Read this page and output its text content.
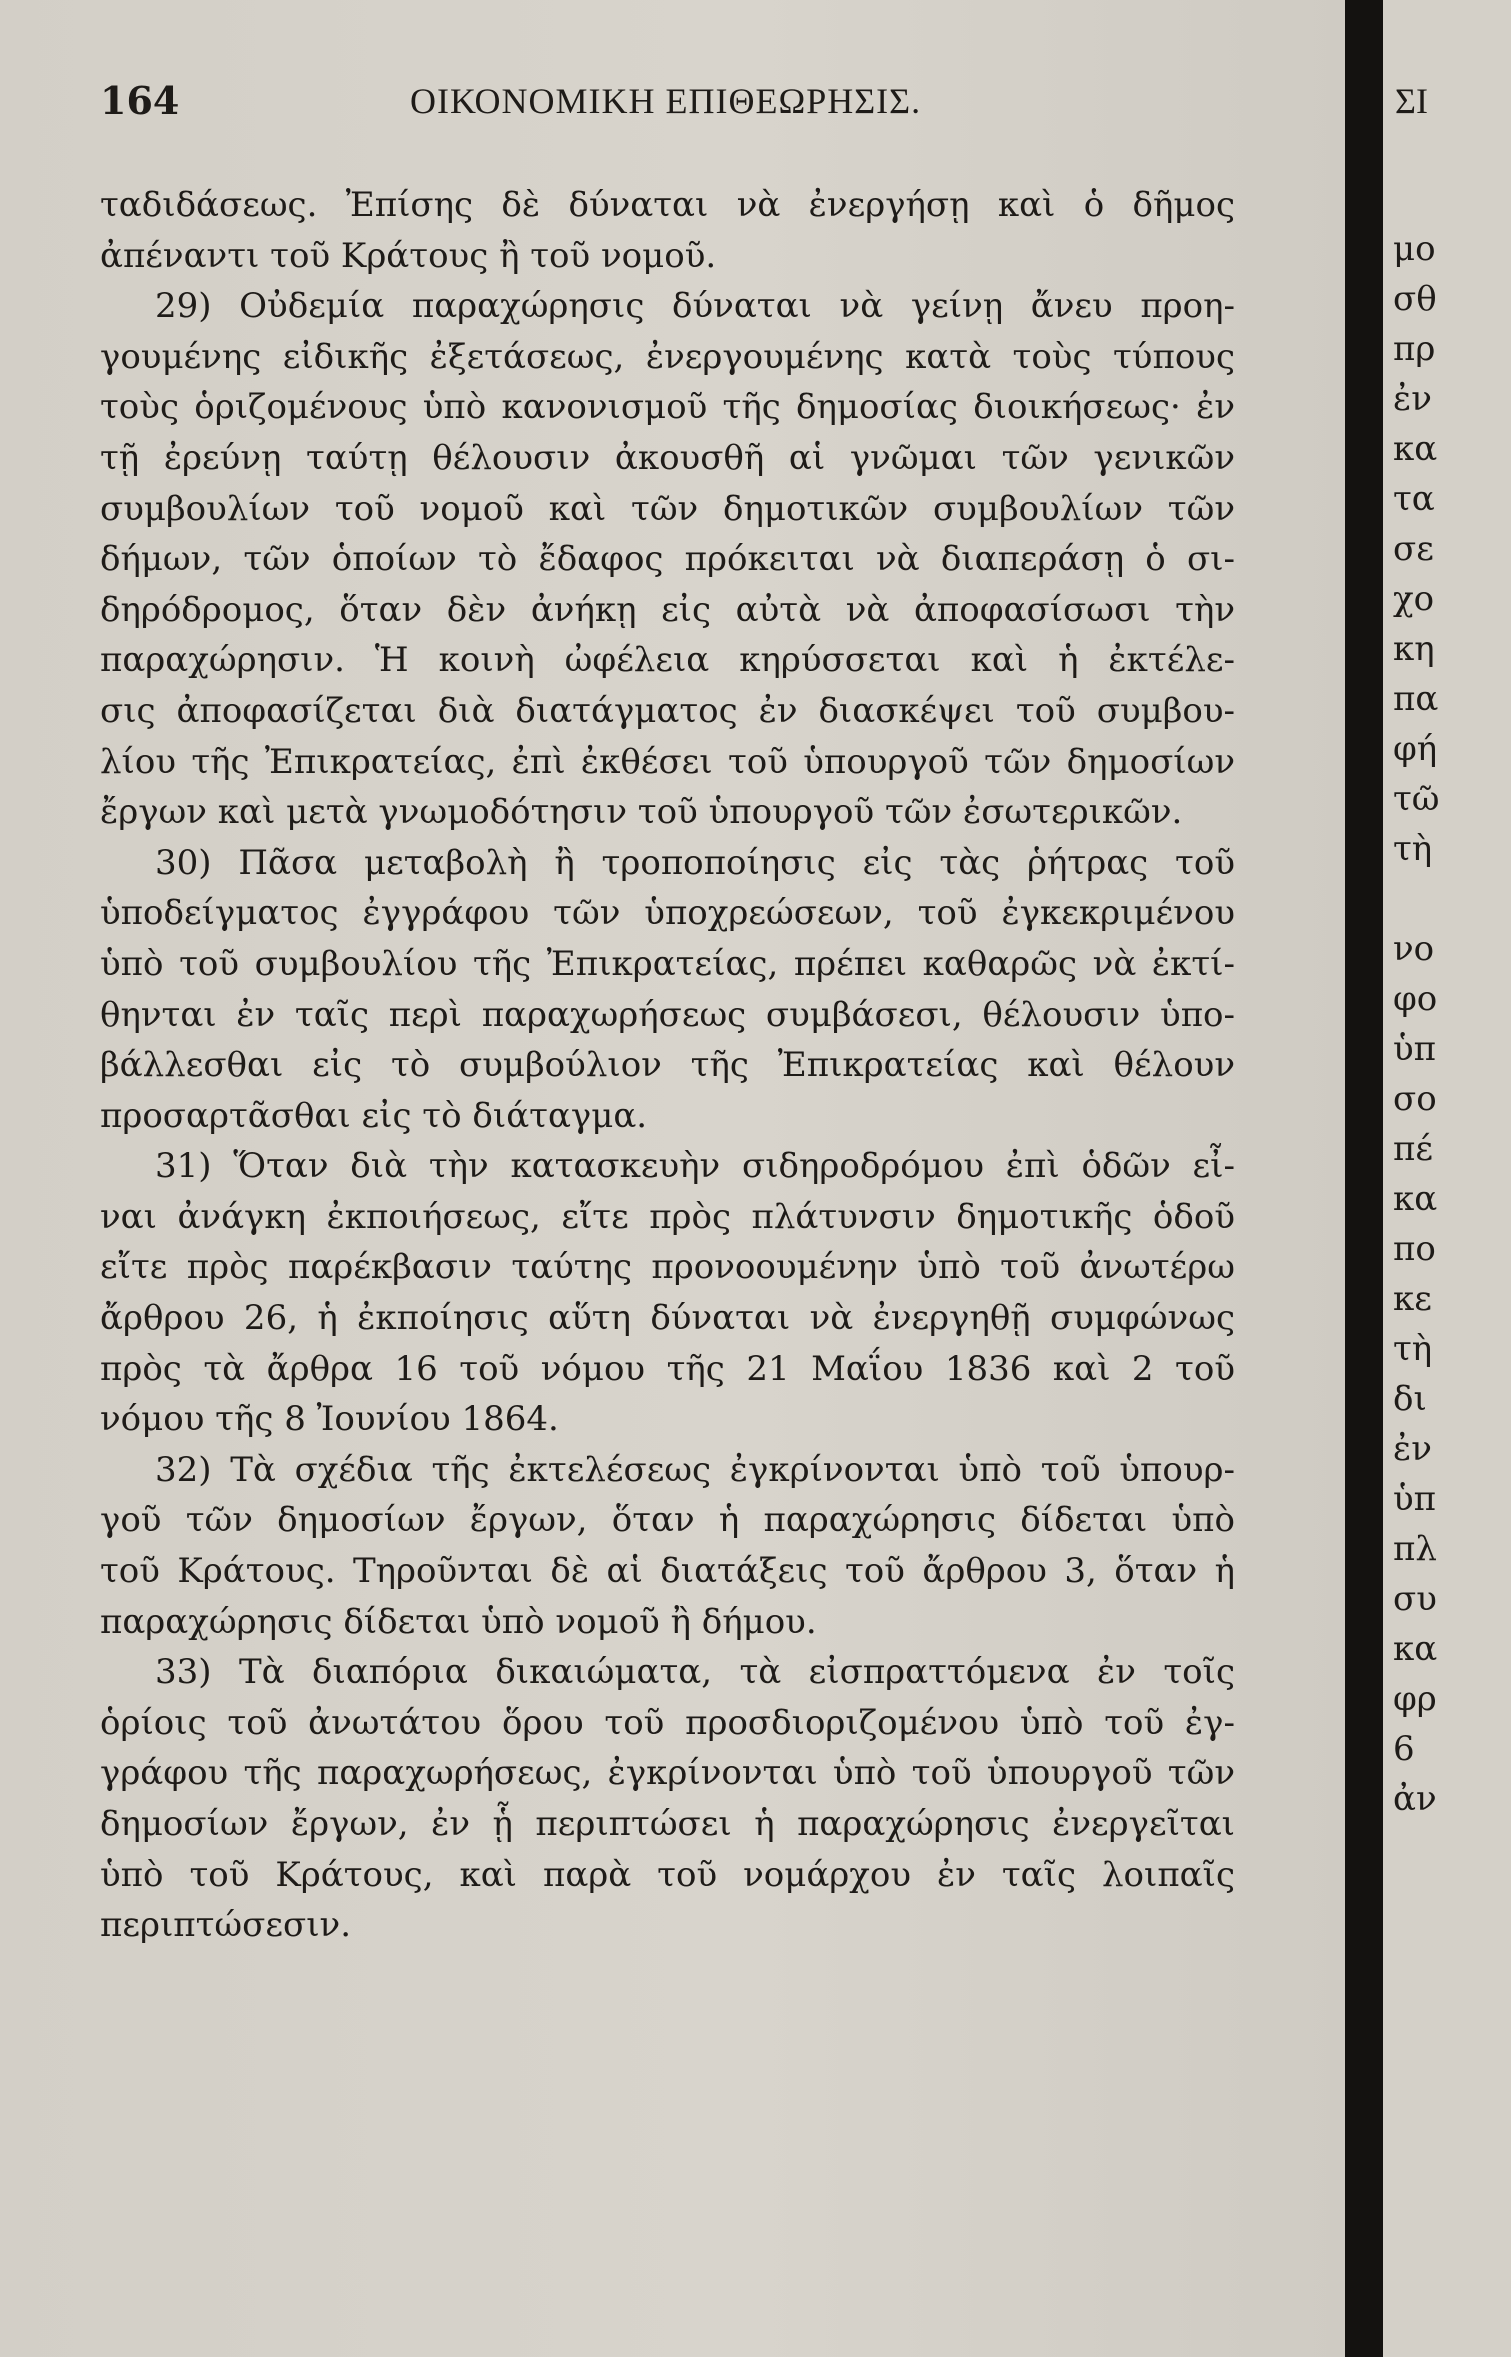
164	ΟΙΚΟΝΟΜΙΚΗ ΕΠΙΘΕΩΡΗΣΙΣ.
ταδιδάσεως. Ἐπίσης δὲ δύναται νὰ ἐνεργήσῃ καὶ ὁ δῆμος
ἀπέναντι τοῦ Κράτους ἢ τοῦ νομοῦ.
29) Οὐδεμία παραχώρησις δύναται νὰ γείνῃ ἄνευ προη-
γουμένης εἰδικῆς ἐξετάσεως, ἐνεργουμένης κατὰ τοὺς τύπους
τοὺς ὁριζομένους ὑπὸ κανονισμοῦ τῆς δημοσίας διοικήσεως· ἐν
τῇ ἐρεύνῃ ταύτῃ θέλουσιν ἀκουσθῆ αἱ γνῶμαι τῶν γενικῶν
συμβουλίων τοῦ νομοῦ καὶ τῶν δημοτικῶν συμβουλίων τῶν
δήμων, τῶν ὁποίων τὸ ἔδαφος πρόκειται νὰ διαπεράσῃ ὁ σι-
δηρόδρομος, ὅταν δὲν ἀνήκῃ εἰς αὐτὰ νὰ ἀποφασίσωσι τὴν
παραχώρησιν. Ἡ κοινὴ ὠφέλεια κηρύσσεται καὶ ἡ ἐκτέλε-
σις ἀποφασίζεται διὰ διατάγματος ἐν διασκέψει τοῦ συμβου-
λίου τῆς Ἐπικρατείας, ἐπὶ ἐκθέσει τοῦ ὑπουργοῦ τῶν δημοσίων
ἔργων καὶ μετὰ γνωμοδότησιν τοῦ ὑπουργοῦ τῶν ἐσωτερικῶν.
30) Πᾶσα μεταβολὴ ἢ τροποποίησις εἰς τὰς ῥήτρας τοῦ
ὑποδείγματος ἐγγράφου τῶν ὑποχρεώσεων, τοῦ ἐγκεκριμένου
ὑπὸ τοῦ συμβουλίου τῆς Ἐπικρατείας, πρέπει καθαρῶς νὰ ἐκτί-
θηνται ἐν ταῖς περὶ παραχωρήσεως συμβάσεσι, θέλουσιν ὑπο-
βάλλεσθαι εἰς τὸ συμβούλιον τῆς Ἐπικρατείας καὶ θέλουν
προσαρτᾶσθαι εἰς τὸ διάταγμα.
31) Ὅταν διὰ τὴν κατασκευὴν σιδηροδρόμου ἐπὶ ὁδῶν εἶ-
ναι ἀνάγκη ἐκποιήσεως, εἴτε πρὸς πλάτυνσιν δημοτικῆς ὁδοῦ
εἴτε πρὸς παρέκβασιν ταύτης προνοουμένην ὑπὸ τοῦ ἀνωτέρω
ἄρθρου 26, ἡ ἐκποίησις αὕτη δύναται νὰ ἐνεργηθῇ συμφώνως
πρὸς τὰ ἄρθρα 16 τοῦ νόμου τῆς 21 Μαΐου 1836 καὶ 2 τοῦ
νόμου τῆς 8 Ἰουνίου 1864.
32) Τὰ σχέδια τῆς ἐκτελέσεως ἐγκρίνονται ὑπὸ τοῦ ὑπουρ-
γοῦ τῶν δημοσίων ἔργων, ὅταν ἡ παραχώρησις δίδεται ὑπὸ
τοῦ Κράτους. Τηροῦνται δὲ αἱ διατάξεις τοῦ ἄρθρου 3, ὅταν ἡ
παραχώρησις δίδεται ὑπὸ νομοῦ ἢ δήμου.
33) Τὰ διαπόρια δικαιώματα, τὰ εἰσπραττόμενα ἐν τοῖς
ὁρίοις τοῦ ἀνωτάτου ὅρου τοῦ προσδιοριζομένου ὑπὸ τοῦ ἐγ-
γράφου τῆς παραχωρήσεως, ἐγκρίνονται ὑπὸ τοῦ ὑπουργοῦ τῶν
δημοσίων ἔργων, ἐν ᾗ περιπτώσει ἡ παραχώρησις ἐνεργεῖται
ὑπὸ τοῦ Κράτους, καὶ παρὰ τοῦ νομάρχου ἐν ταῖς λοιπαῖς
περιπτώσεσιν.
ΣΙ
μο
σθ
πρ
ἐν
κα
τα
σε
χο
κη
πα
φή
τῶ
τὴ
νο
φο
ὑπ
σο
πέ
κα
πο
κε
τὴ
δι
ἐν
ὑπ
πλ
συ
κα
φρ
6
ἀν
